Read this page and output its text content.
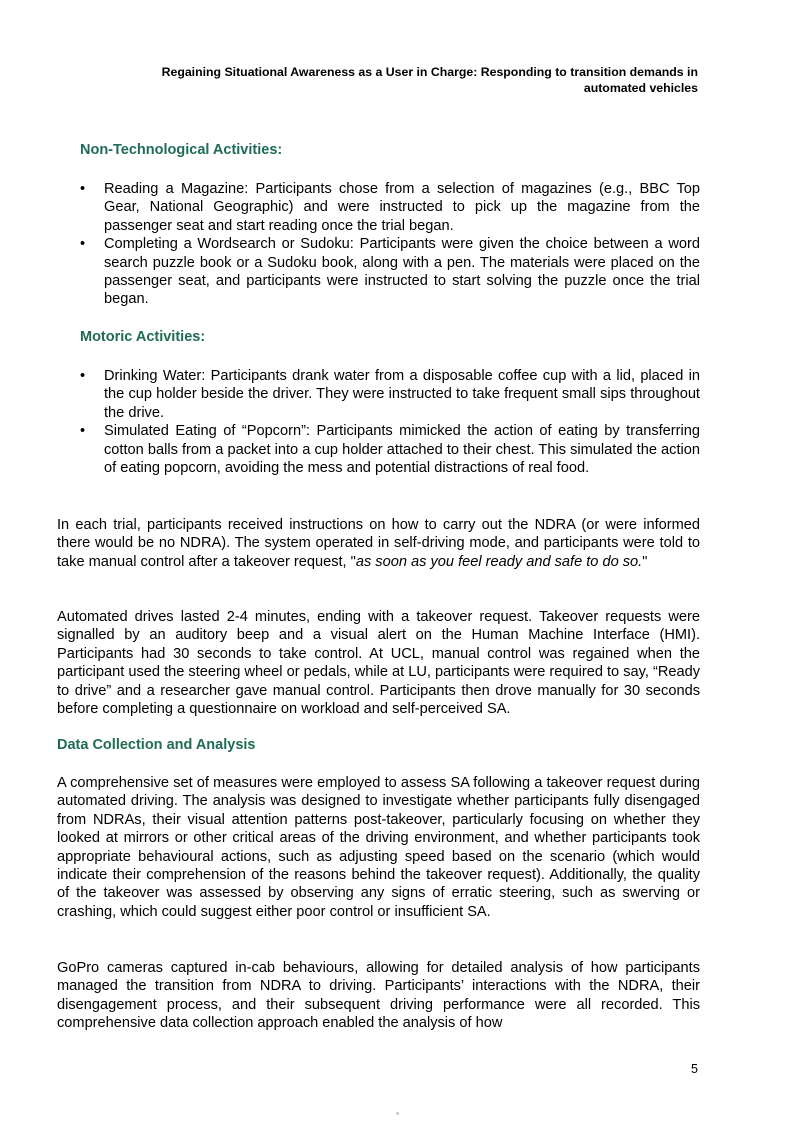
Regaining Situational Awareness as a User in Charge: Responding to transition demands in
automated vehicles
Non-Technological Activities:
• Reading a Magazine: Participants chose from a selection of magazines (e.g., BBC Top Gear, National Geographic) and were instructed to pick up the magazine from the passenger seat and start reading once the trial began.
• Completing a Wordsearch or Sudoku: Participants were given the choice between a word search puzzle book or a Sudoku book, along with a pen. The materials were placed on the passenger seat, and participants were instructed to start solving the puzzle once the trial began.
Motoric Activities:
• Drinking Water: Participants drank water from a disposable coffee cup with a lid, placed in the cup holder beside the driver. They were instructed to take frequent small sips throughout the drive.
• Simulated Eating of “Popcorn”: Participants mimicked the action of eating by transferring cotton balls from a packet into a cup holder attached to their chest. This simulated the action of eating popcorn, avoiding the mess and potential distractions of real food.

In each trial, participants received instructions on how to carry out the NDRA (or were informed there would be no NDRA). The system operated in self-driving mode, and participants were told to take manual control after a takeover request, "as soon as you feel ready and safe to do so."

Automated drives lasted 2-4 minutes, ending with a takeover request. Takeover requests were signalled by an auditory beep and a visual alert on the Human Machine Interface (HMI). Participants had 30 seconds to take control. At UCL, manual control was regained when the participant used the steering wheel or pedals, while at LU, participants were required to say, “Ready to drive” and a researcher gave manual control. Participants then drove manually for 30 seconds before completing a questionnaire on workload and self-perceived SA.

Data Collection and Analysis

A comprehensive set of measures were employed to assess SA following a takeover request during automated driving. The analysis was designed to investigate whether participants fully disengaged from NDRAs, their visual attention patterns post-takeover, particularly focusing on whether they looked at mirrors or other critical areas of the driving environment, and whether participants took appropriate behavioural actions, such as adjusting speed based on the scenario (which would indicate their comprehension of the reasons behind the takeover request). Additionally, the quality of the takeover was assessed by observing any signs of erratic steering, such as swerving or crashing, which could suggest either poor control or insufficient SA.

GoPro cameras captured in-cab behaviours, allowing for detailed analysis of how participants managed the transition from NDRA to driving. Participants’ interactions with the NDRA, their disengagement process, and their subsequent driving performance were all recorded. This comprehensive data collection approach enabled the analysis of how

5
